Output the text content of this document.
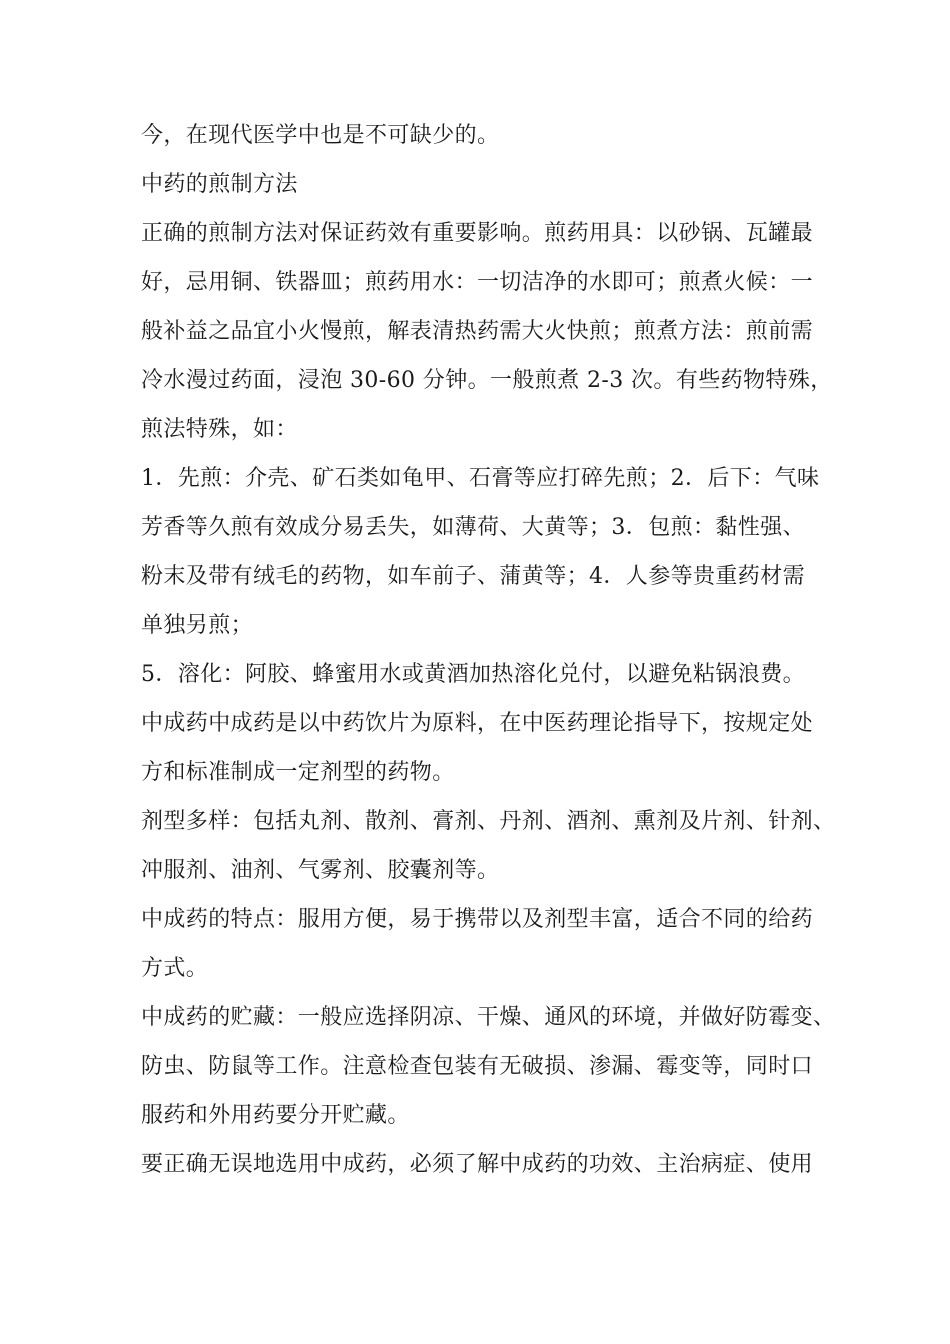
今，在现代医学中也是不可缺少的。
中药的煎制方法
正确的煎制方法对保证药效有重要影响。煎药用具：以砂锅、瓦罐最
好，忌用铜、铁器皿；煎药用水：一切洁净的水即可；煎煮火候：一
般补益之品宜小火慢煎，解表清热药需大火快煎；煎煮方法：煎前需
冷水漫过药面，浸泡 30-60 分钟。一般煎煮 2-3 次。有些药物特殊，
煎法特殊，如：
1．先煎：介壳、矿石类如龟甲、石膏等应打碎先煎；2．后下：气味
芳香等久煎有效成分易丢失，如薄荷、大黄等；3．包煎：黏性强、
粉末及带有绒毛的药物，如车前子、蒲黄等；4．人参等贵重药材需
单独另煎；
5．溶化：阿胶、蜂蜜用水或黄酒加热溶化兑付，以避免粘锅浪费。
中成药中成药是以中药饮片为原料，在中医药理论指导下，按规定处
方和标准制成一定剂型的药物。
剂型多样：包括丸剂、散剂、膏剂、丹剂、酒剂、熏剂及片剂、针剂、
冲服剂、油剂、气雾剂、胶囊剂等。
中成药的特点：服用方便，易于携带以及剂型丰富，适合不同的给药
方式。
中成药的贮藏：一般应选择阴凉、干燥、通风的环境，并做好防霉变、
防虫、防鼠等工作。注意检查包装有无破损、渗漏、霉变等，同时口
服药和外用药要分开贮藏。
要正确无误地选用中成药，必须了解中成药的功效、主治病症、使用
